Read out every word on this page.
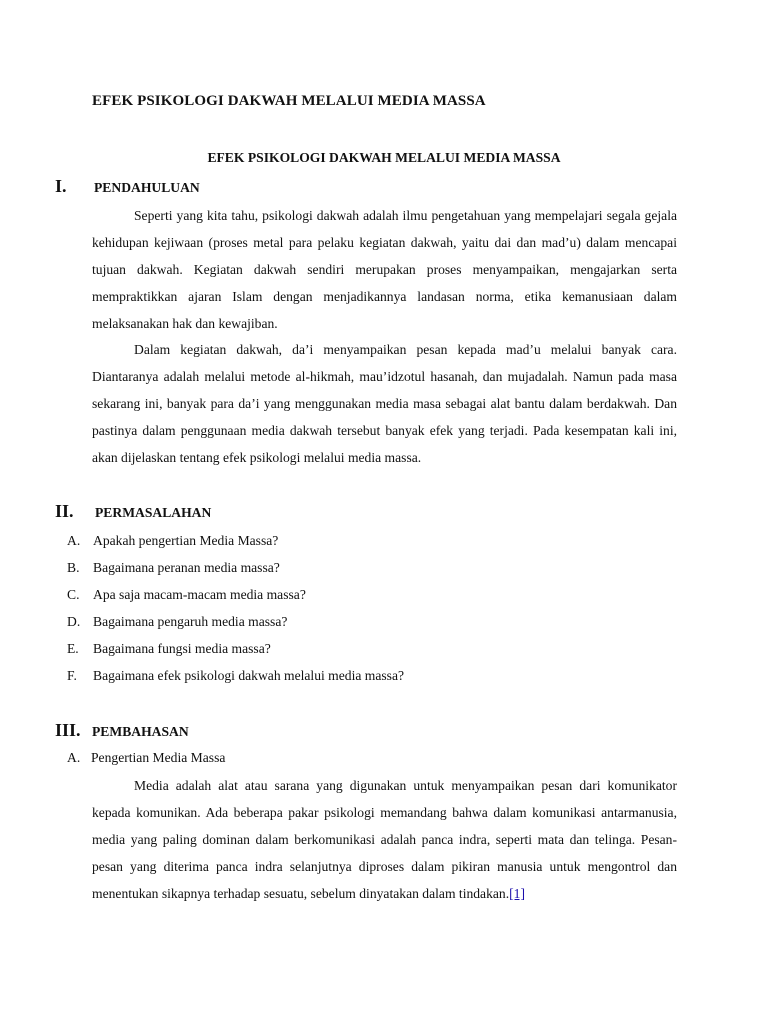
EFEK PSIKOLOGI DAKWAH MELALUI MEDIA MASSA
EFEK PSIKOLOGI DAKWAH MELALUI MEDIA MASSA
I. PENDAHULUAN

Seperti yang kita tahu, psikologi dakwah adalah ilmu pengetahuan yang mempelajari segala gejala kehidupan kejiwaan (proses metal para pelaku kegiatan dakwah, yaitu dai dan mad’u) dalam mencapai tujuan dakwah. Kegiatan dakwah sendiri merupakan proses menyampaikan, mengajarkan serta mempraktikkan ajaran Islam dengan menjadikannya landasan norma, etika kemanusiaan dalam melaksanakan hak dan kewajiban.

Dalam kegiatan dakwah, da’i menyampaikan pesan kepada mad’u melalui banyak cara. Diantaranya adalah melalui metode al-hikmah, mau’idzotul hasanah, dan mujadalah. Namun pada masa sekarang ini, banyak para da’i yang menggunakan media masa sebagai alat bantu dalam berdakwah. Dan pastinya dalam penggunaan media dakwah tersebut banyak efek yang terjadi. Pada kesempatan kali ini, akan dijelaskan tentang efek psikologi melalui media massa.

II. PERMASALAHAN
A. Apakah pengertian Media Massa?
B. Bagaimana peranan media massa?
C. Apa saja macam-macam media massa?
D. Bagaimana pengaruh media massa?
E. Bagaimana fungsi media massa?
F. Bagaimana efek psikologi dakwah melalui media massa?
III. PEMBAHASAN
A. Pengertian Media Massa

Media adalah alat atau sarana yang digunakan untuk menyampaikan pesan dari komunikator kepada komunikan. Ada beberapa pakar psikologi memandang bahwa dalam komunikasi antarmanusia, media yang paling dominan dalam berkomunikasi adalah panca indra, seperti mata dan telinga. Pesan-pesan yang diterima panca indra selanjutnya diproses dalam pikiran manusia untuk mengontrol dan menentukan sikapnya terhadap sesuatu, sebelum dinyatakan dalam tindakan.[1]
